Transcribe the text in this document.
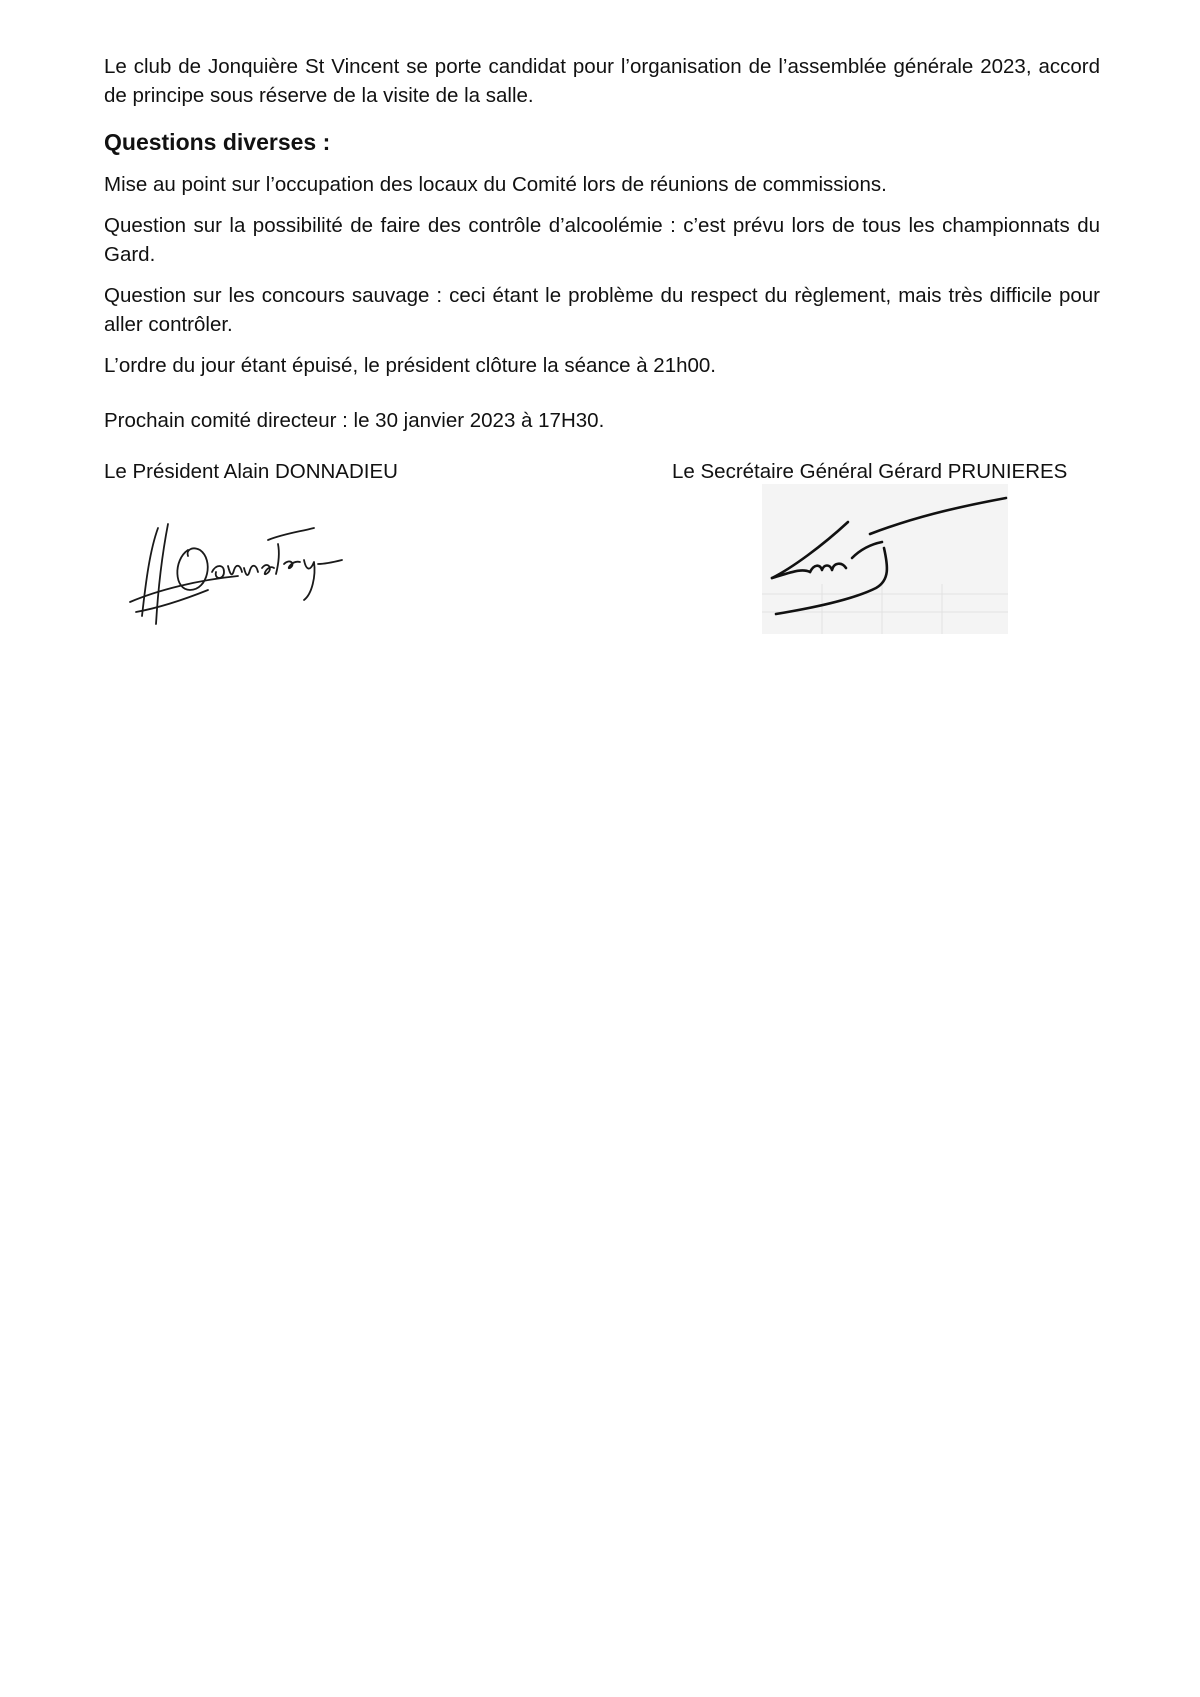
Le club de Jonquière St Vincent se porte candidat pour l’organisation de l’assemblée générale 2023, accord de principe sous réserve de la visite de la salle.

Questions diverses :

Mise au point sur l’occupation des locaux du Comité lors de réunions de commissions.

Question sur la possibilité de faire des contrôle d’alcoolémie : c’est prévu lors de tous les championnats du Gard.

Question sur les concours sauvage : ceci étant le problème du respect du règlement, mais très difficile pour aller contrôler.

L’ordre du jour étant épuisé, le président clôture la séance à 21h00.

Prochain comité directeur : le 30 janvier 2023 à 17H30.

Le Président Alain DONNADIEU	Le Secrétaire Général Gérard PRUNIERES
